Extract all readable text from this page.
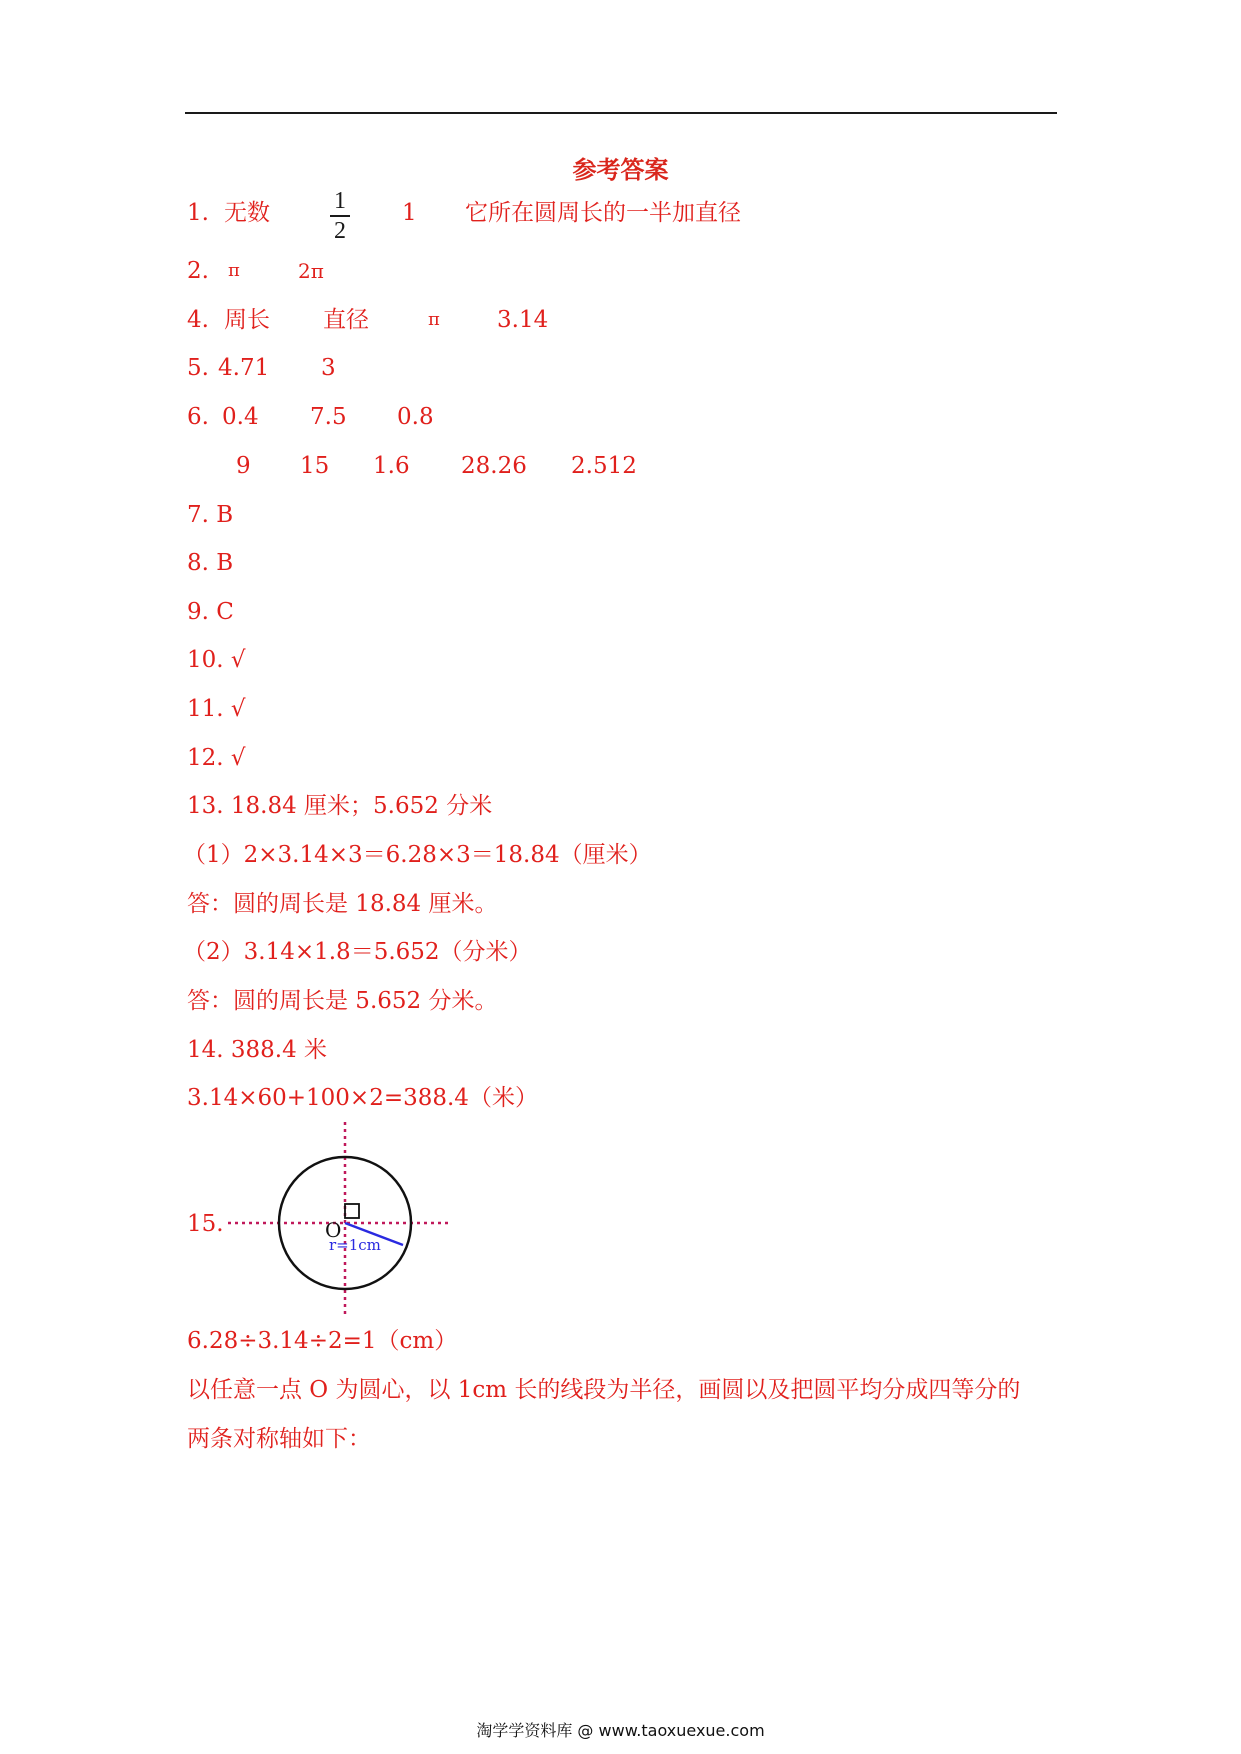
参考答案
1. 无数	1
2
1 它所在圆周长的一半加直径
2. π	2π
4. 周长 直径	π 3.14
5. 4.71 3
6. 0.4 7.5 0.8
9 15 1.6 28.26 2.512
7. B
8. B
9. C
10. √
11. √
12. √
13. 18.84 厘米；5.652 分米
（1）2×3.14×3＝6.28×3＝18.84（厘米）
答：圆的周长是 18.84 厘米。
（2）3.14×1.8＝5.652（分米）
答：圆的周长是 5.652 分米。
14. 388.4 米
3.14×60+100×2=388.4（米）
15.	O
r=1cm
6.28÷3.14÷2=1（cm）
以任意一点 O 为圆心，以 1cm 长的线段为半径，画圆以及把圆平均分成四等分的
两条对称轴如下：
淘学学资料库 @ www.taoxuexue.com
